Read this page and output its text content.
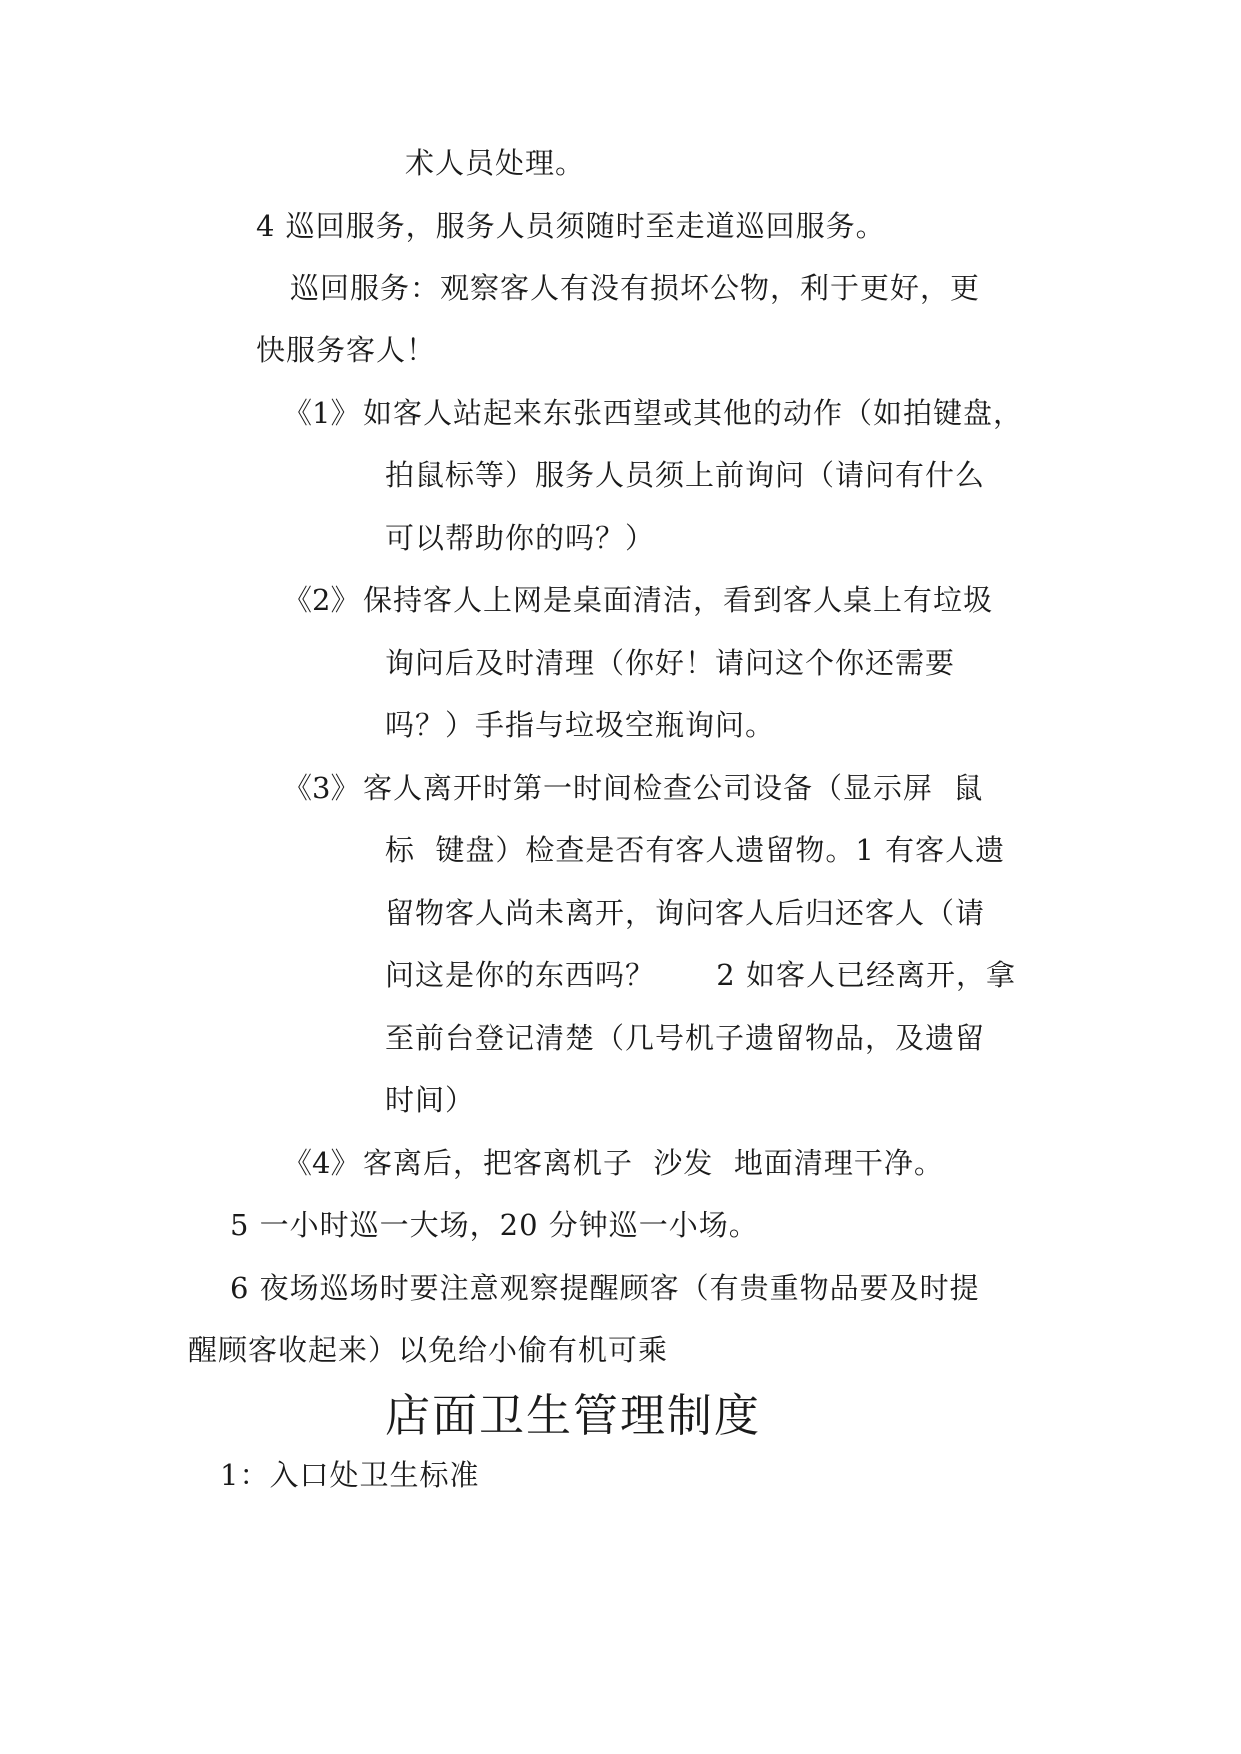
术人员处理。
4 巡回服务，服务人员须随时至走道巡回服务。
巡回服务：观察客人有没有损坏公物，利于更好，更
快服务客人！
《1》 如客人站起来东张西望或其他的动作（如拍键盘，
拍鼠标等）服务人员须上前询问（请问有什么
可以帮助你的吗？）
《2》 保持客人上网是桌面清洁，看到客人桌上有垃圾
询问后及时清理（你好！请问这个你还需要
吗？）手指与垃圾空瓶询问。
《3》 客人离开时第一时间检查公司设备（显示屏  鼠
标  键盘）检查是否有客人遗留物。1 有客人遗
留物客人尚未离开，询问客人后归还客人（请
问这是你的东西吗？      2 如客人已经离开，拿
至前台登记清楚（几号机子遗留物品，及遗留
时间）
《4》 客离后，把客离机子  沙发  地面清理干净。
5 一小时巡一大场，20 分钟巡一小场。
6 夜场巡场时要注意观察提醒顾客（有贵重物品要及时提
醒顾客收起来）以免给小偷有机可乘
店面卫生管理制度
1：入口处卫生标准
